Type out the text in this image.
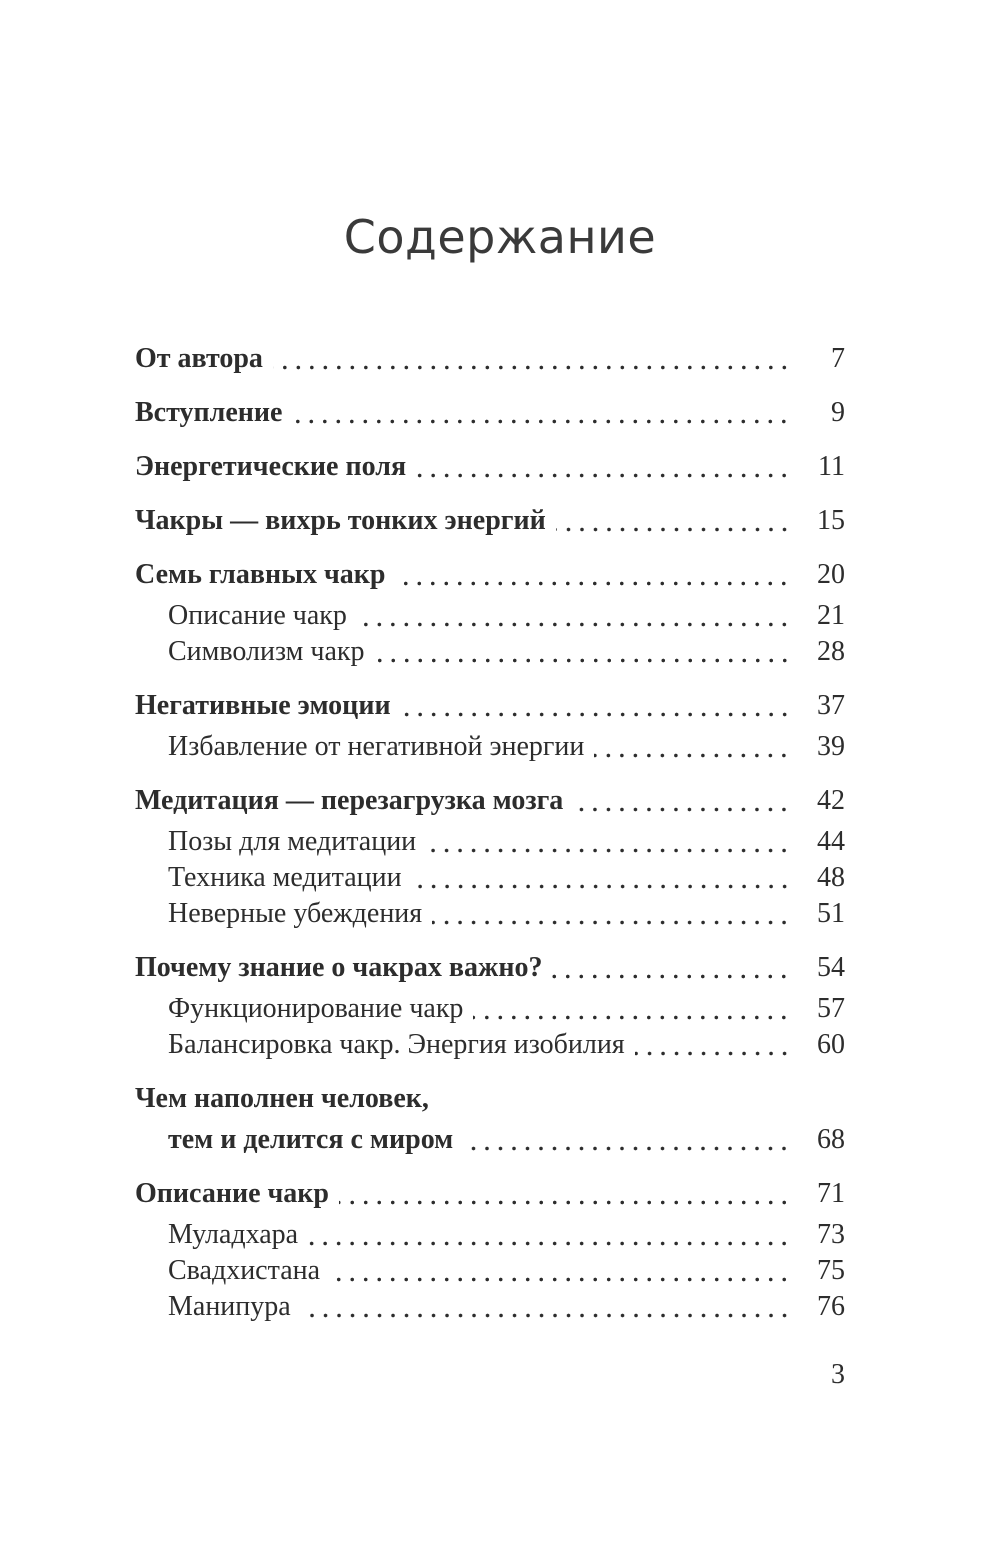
Содержание
От автора	7
Вступление	9
Энергетические поля	11
Чакры — вихрь тонких энергий	15
Семь главных чакр	20
Описание чакр	21
Символизм чакр	28
Негативные эмоции	37
Избавление от негативной энергии	39
Медитация — перезагрузка мозга	42
Позы для медитации	44
Техника медитации	48
Неверные убеждения	51
Почему знание о чакрах важно?	54
Функционирование чакр	57
Балансировка чакр. Энергия изобилия	60
Чем наполнен человек,
тем и делится с миром	68
Описание чакр	71
Муладхара	73
Свадхистана	75
Манипура	76
3
